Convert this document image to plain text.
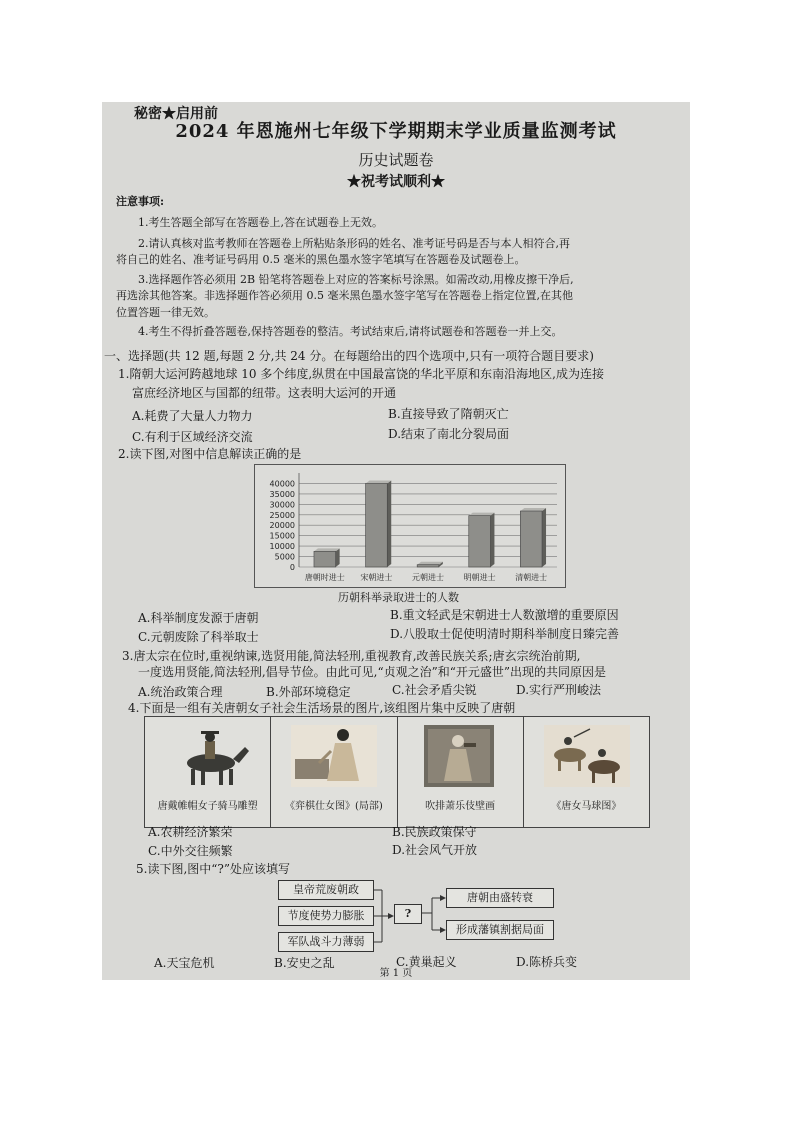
秘密★启用前
2024 年恩施州七年级下学期期末学业质量监测考试
历史试题卷
★祝考试顺利★
注意事项:
1.考生答题全部写在答题卷上,答在试题卷上无效。
2.请认真核对监考教师在答题卷上所粘贴条形码的姓名、准考证号码是否与本人相符合,再
将自己的姓名、准考证号码用 0.5 毫米的黑色墨水签字笔填写在答题卷及试题卷上。
3.选择题作答必须用 2B 铅笔将答题卷上对应的答案标号涂黑。如需改动,用橡皮擦干净后,
再选涂其他答案。非选择题作答必须用 0.5 毫米黑色墨水签字笔写在答题卷上指定位置,在其他
位置答题一律无效。
4.考生不得折叠答题卷,保持答题卷的整洁。考试结束后,请将试题卷和答题卷一并上交。
一、选择题(共 12 题,每题 2 分,共 24 分。在每题给出的四个选项中,只有一项符合题目要求)
1.隋朝大运河跨越地球 10 多个纬度,纵贯在中国最富饶的华北平原和东南沿海地区,成为连接
富庶经济地区与国都的纽带。这表明大运河的开通
A.耗费了大量人力物力	B.直接导致了隋朝灭亡
C.有利于区域经济交流	D.结束了南北分裂局面
2.读下图,对图中信息解读正确的是
40000
35000
30000
25000
20000
15000
10000
5000
0
唐朝时进士 宋朝进士 元朝进士 明朝进士 清朝进士
历朝科举录取进士的人数
A.科举制度发源于唐朝	B.重文轻武是宋朝进士人数激增的重要原因
C.元朝废除了科举取士	D.八股取士促使明清时期科举制度日臻完善
3.唐太宗在位时,重视纳谏,选贤用能,简法轻刑,重视教育,改善民族关系;唐玄宗统治前期,
一度选用贤能,简法轻刑,倡导节俭。由此可见,“贞观之治”和“开元盛世”出现的共同原因是
A.统治政策合理	B.外部环境稳定	C.社会矛盾尖锐	D.实行严刑峻法
4.下面是一组有关唐朝女子社会生活场景的图片,该组图片集中反映了唐朝
唐戴帷帽女子骑马雕塑	《弈棋仕女图》(局部)	吹排萧乐伎壁画	《唐女马球图》
A.农耕经济繁荣	B.民族政策保守
C.中外交往频繁	D.社会风气开放
5.读下图,图中“?”处应该填写
皇帝荒废朝政
节度使势力膨胀
军队战斗力薄弱
?
唐朝由盛转衰
形成藩镇割据局面
A.天宝危机	B.安史之乱	C.黄巢起义	D.陈桥兵变
第 1 页
